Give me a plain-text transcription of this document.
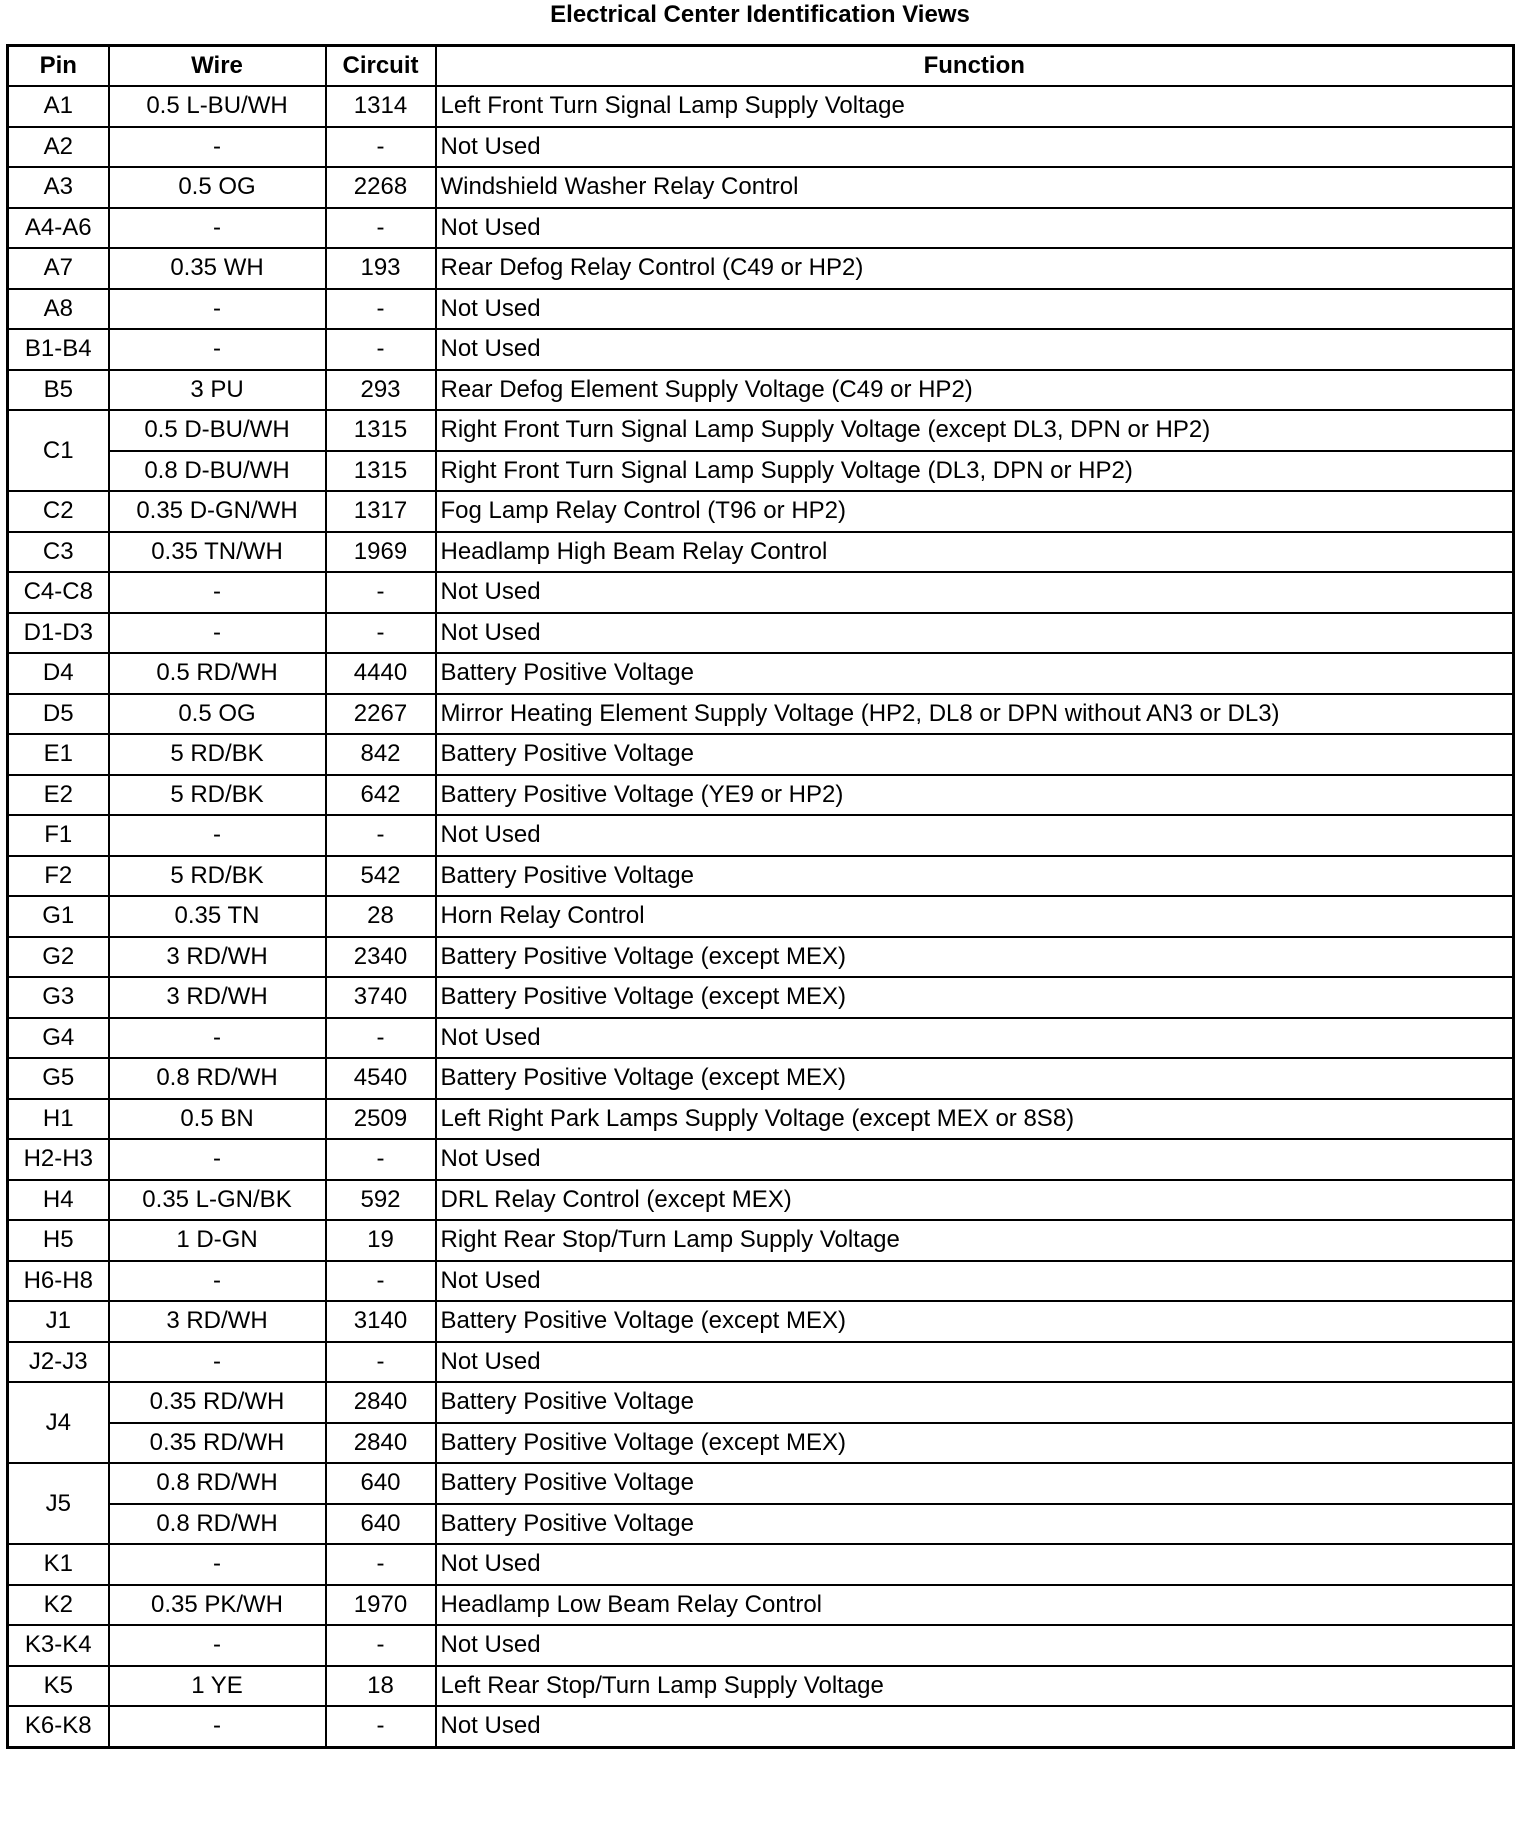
Electrical Center Identification Views
Pin	Wire	Circuit	Function
A1	0.5 L-BU/WH	1314	Left Front Turn Signal Lamp Supply Voltage
A2	-	-	Not Used
A3	0.5 OG	2268	Windshield Washer Relay Control
A4-A6	-	-	Not Used
A7	0.35 WH	193	Rear Defog Relay Control (C49 or HP2)
A8	-	-	Not Used
B1-B4	-	-	Not Used
B5	3 PU	293	Rear Defog Element Supply Voltage (C49 or HP2)
C1	0.5 D-BU/WH	1315	Right Front Turn Signal Lamp Supply Voltage (except DL3, DPN or HP2)
	0.8 D-BU/WH	1315	Right Front Turn Signal Lamp Supply Voltage (DL3, DPN or HP2)
C2	0.35 D-GN/WH	1317	Fog Lamp Relay Control (T96 or HP2)
C3	0.35 TN/WH	1969	Headlamp High Beam Relay Control
C4-C8	-	-	Not Used
D1-D3	-	-	Not Used
D4	0.5 RD/WH	4440	Battery Positive Voltage
D5	0.5 OG	2267	Mirror Heating Element Supply Voltage (HP2, DL8 or DPN without AN3 or DL3)
E1	5 RD/BK	842	Battery Positive Voltage
E2	5 RD/BK	642	Battery Positive Voltage (YE9 or HP2)
F1	-	-	Not Used
F2	5 RD/BK	542	Battery Positive Voltage
G1	0.35 TN	28	Horn Relay Control
G2	3 RD/WH	2340	Battery Positive Voltage (except MEX)
G3	3 RD/WH	3740	Battery Positive Voltage (except MEX)
G4	-	-	Not Used
G5	0.8 RD/WH	4540	Battery Positive Voltage (except MEX)
H1	0.5 BN	2509	Left Right Park Lamps Supply Voltage (except MEX or 8S8)
H2-H3	-	-	Not Used
H4	0.35 L-GN/BK	592	DRL Relay Control (except MEX)
H5	1 D-GN	19	Right Rear Stop/Turn Lamp Supply Voltage
H6-H8	-	-	Not Used
J1	3 RD/WH	3140	Battery Positive Voltage (except MEX)
J2-J3	-	-	Not Used
J4	0.35 RD/WH	2840	Battery Positive Voltage
	0.35 RD/WH	2840	Battery Positive Voltage (except MEX)
J5	0.8 RD/WH	640	Battery Positive Voltage
	0.8 RD/WH	640	Battery Positive Voltage
K1	-	-	Not Used
K2	0.35 PK/WH	1970	Headlamp Low Beam Relay Control
K3-K4	-	-	Not Used
K5	1 YE	18	Left Rear Stop/Turn Lamp Supply Voltage
K6-K8	-	-	Not Used
